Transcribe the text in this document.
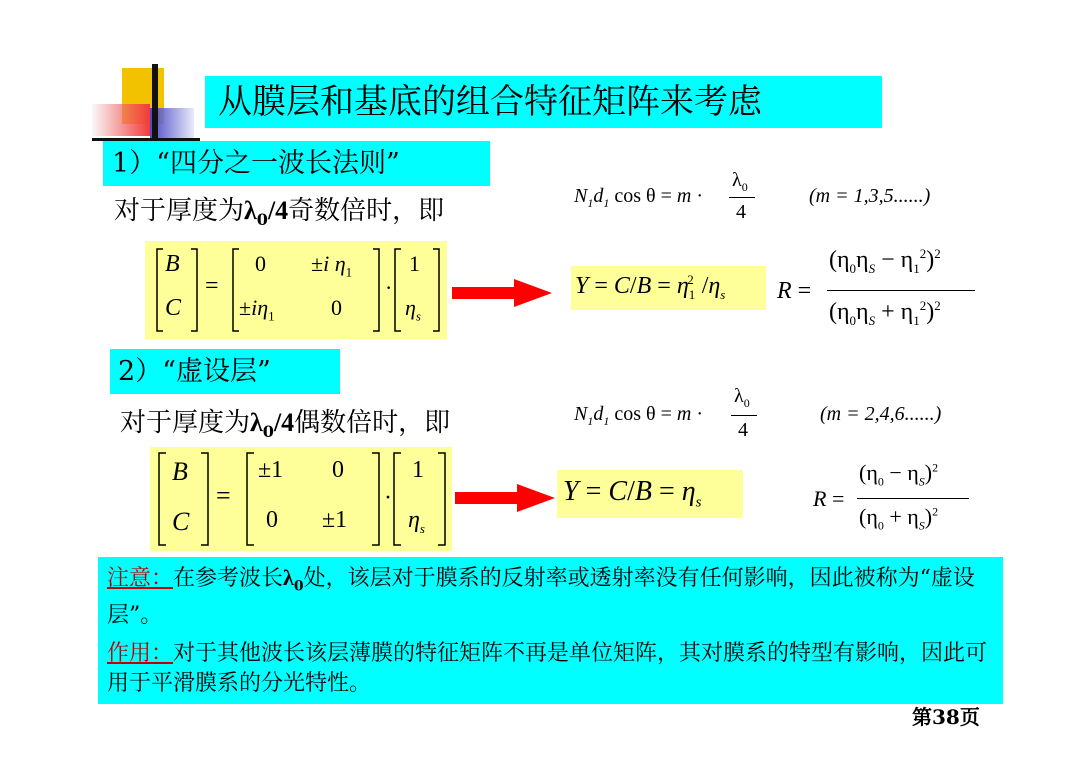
从膜层和基底的组合特征矩阵来考虑
1）“四分之一波长法则”
对于厚度为$\lambda_0/4$奇数倍时，即	$N_1d_1$ cos θ = m ·
$\lambda_0$
4
(m = 1,3,5......)
B
C
=
0 ±i $\eta_1$
$\pm i\eta_1$	0
·
1
$\eta_s$
$Y = C/B = \eta_1^2$ $/\eta_s$ R =
$(\eta_0\eta_S - \eta_1^2)^2$
$(\eta_0\eta_S + \eta_1^2)^2$
2）“虚设层”
对于厚度为$\lambda_0/4$偶数倍时，即	$N_1d_1$ cos θ = m ·
$\lambda_0$
4
(m = 2,4,6......)
B
C
=
±1 0
0 ±1
·
1
$\eta_s$
$Y = C/B = \eta_s$	R =
$(\eta_0 - \eta_S)^2$
$(\eta_0 + \eta_S)^2$
注意：在参考波长$\lambda_0$处，该层对于膜系的反射率或透射率没有任何影响，因此被称为“虚设层”。
作用：对于其他波长该层薄膜的特征矩阵不再是单位矩阵，其对膜系的特型有影响，因此可用于平滑膜系的分光特性。
第38页
